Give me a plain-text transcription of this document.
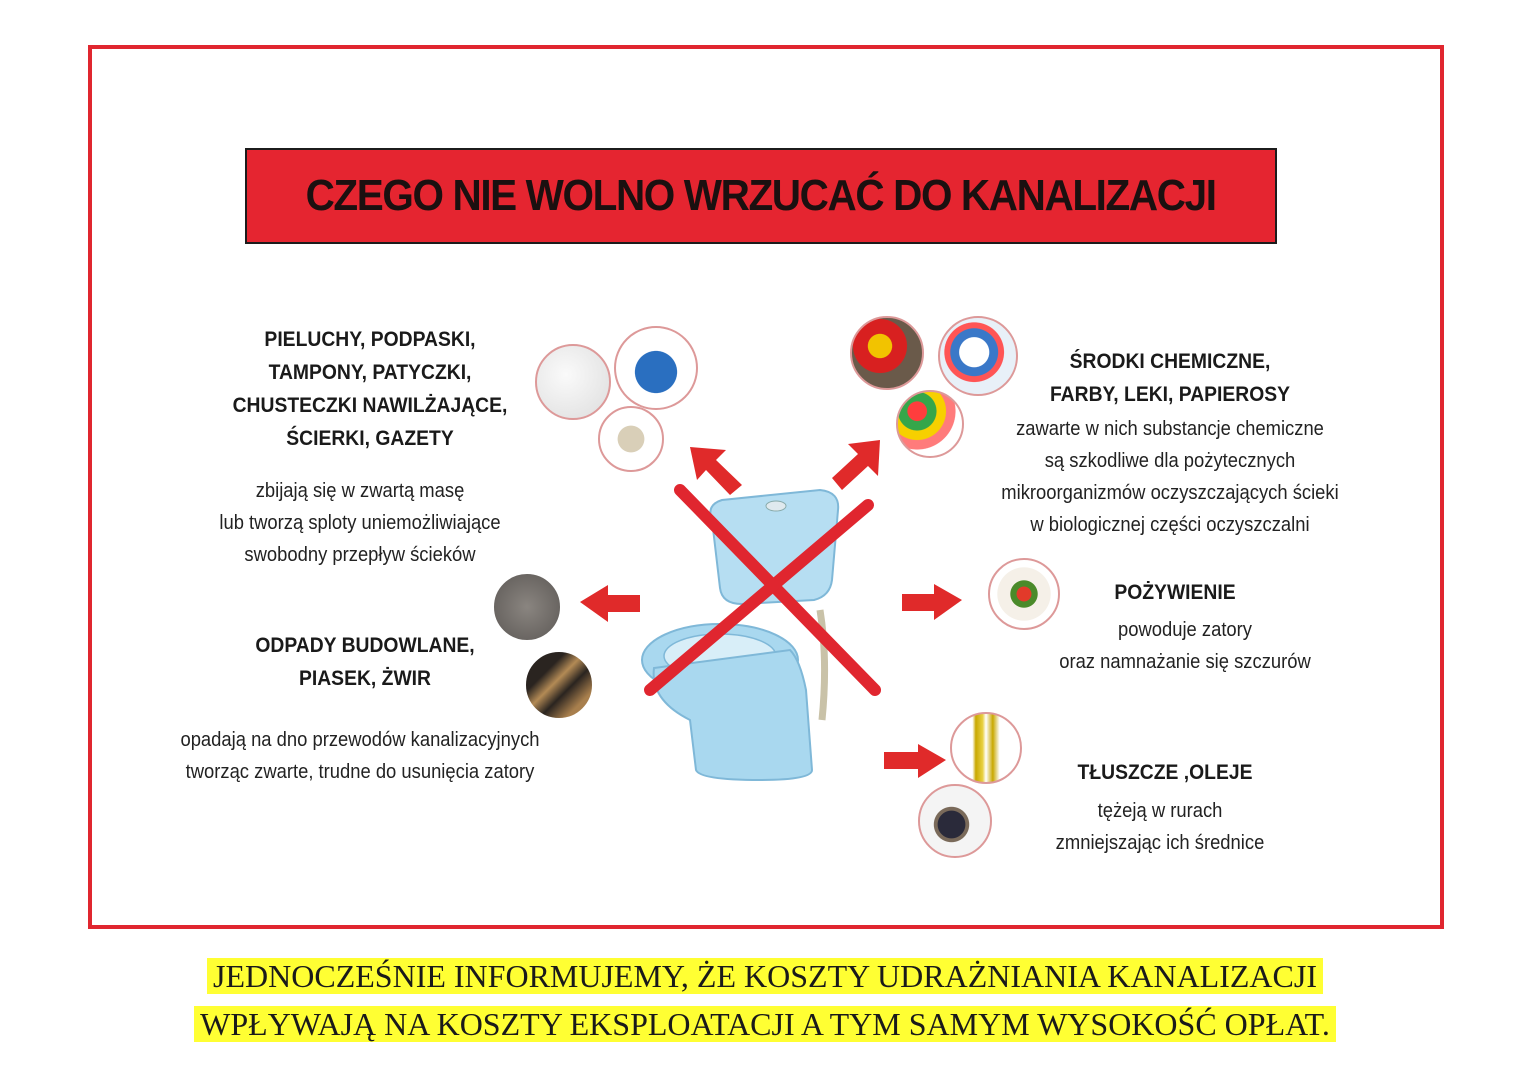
CZEGO NIE WOLNO WRZUCAĆ DO KANALIZACJI
PIELUCHY, PODPASKI,
TAMPONY, PATYCZKI,
CHUSTECZKI NAWILŻAJĄCE,
ŚCIERKI, GAZETY
zbijają się w zwartą masę
lub tworzą sploty uniemożliwiające
swobodny przepływ ścieków
ODPADY BUDOWLANE,
PIASEK, ŻWIR
opadają na dno przewodów kanalizacyjnych
tworząc zwarte, trudne do usunięcia zatory
ŚRODKI CHEMICZNE,
FARBY, LEKI, PAPIEROSY
zawarte w nich substancje chemiczne
są szkodliwe dla pożytecznych
mikroorganizmów oczyszczających ścieki
w biologicznej części oczyszczalni
POŻYWIENIE
powoduje zatory
oraz namnażanie się szczurów
TŁUSZCZE ,OLEJE
tężeją w rurach
zmniejszając ich średnice
JEDNOCZEŚNIE INFORMUJEMY, ŻE KOSZTY UDRAŻNIANIA KANALIZACJI
WPŁYWAJĄ NA KOSZTY EKSPLOATACJI A TYM SAMYM WYSOKOŚĆ OPŁAT.
